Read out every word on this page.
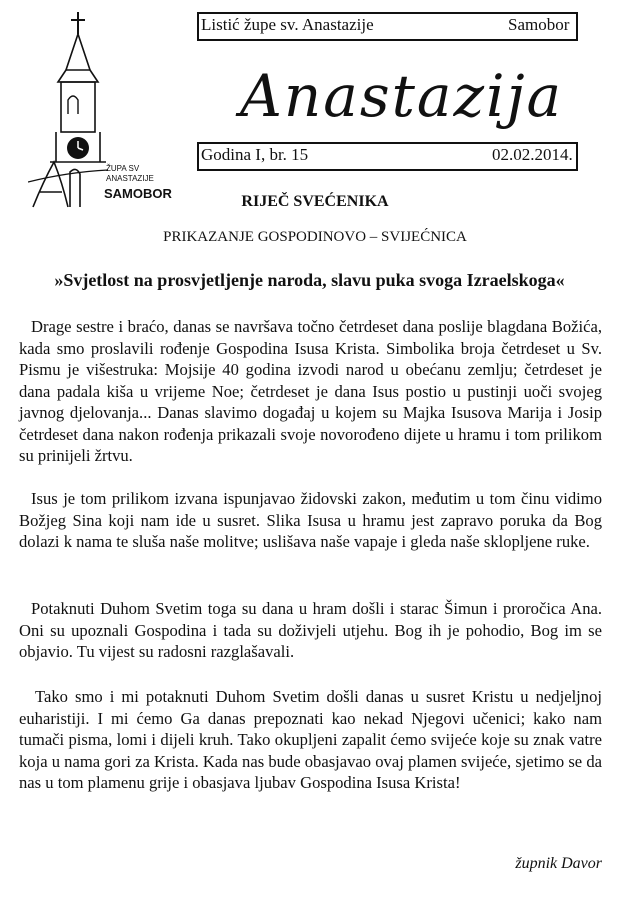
ŽUPA SV
ANASTAZIJE
SAMOBOR
Listić župe sv. Anastazije	Samobor
Anastazija
Godina I, br. 15	02.02.2014.
RIJEČ SVEĆENIKA
PRIKAZANJE GOSPODINOVO – SVIJEĆNICA
»Svjetlost na prosvjetljenje naroda, slavu puka svoga Izraelskoga«

Drage sestre i braćo, danas se navršava točno četrdeset dana poslije blagdana Božića, kada smo proslavili rođenje Gospodina Isusa Krista. Simbolika broja četrdeset u Sv. Pismu je višestruka: Mojsije 40 godina izvodi narod u obećanu zemlju; četrdeset je dana padala kiša u vrijeme Noe; četrdeset je dana Isus postio u pustinji uoči svojeg javnog djelovanja... Danas slavimo događaj u kojem su Majka Isusova Marija i Josip četrdeset dana nakon rođenja prikazali svoje novorođeno dijete u hramu i tom prilikom su prinijeli žrtvu.

Isus je tom prilikom izvana ispunjavao židovski zakon, međutim u tom činu vidimo Božjeg Sina koji nam ide u susret. Slika Isusa u hramu jest zapravo poruka da Bog dolazi k nama te sluša naše molitve; uslišava naše vapaje i gleda naše sklopljene ruke.

Potaknuti Duhom Svetim toga su dana u hram došli i starac Šimun i proročica Ana. Oni su upoznali Gospodina i tada su doživjeli utjehu. Bog ih je pohodio, Bog im se objavio. Tu vijest su radosni razglašavali.

Tako smo i mi potaknuti Duhom Svetim došli danas u susret Kristu u nedjeljnoj euharistiji. I mi ćemo Ga danas prepoznati kao nekad Njegovi učenici; kako nam tumači pisma, lomi i dijeli kruh. Tako okupljeni zapalit ćemo svijeće koje su znak vatre koja u nama gori za Krista. Kada nas bude obasjavao ovaj plamen svijeće, sjetimo se da nas u tom plamenu grije i obasjava ljubav Gospodina Isusa Krista!

župnik Davor
